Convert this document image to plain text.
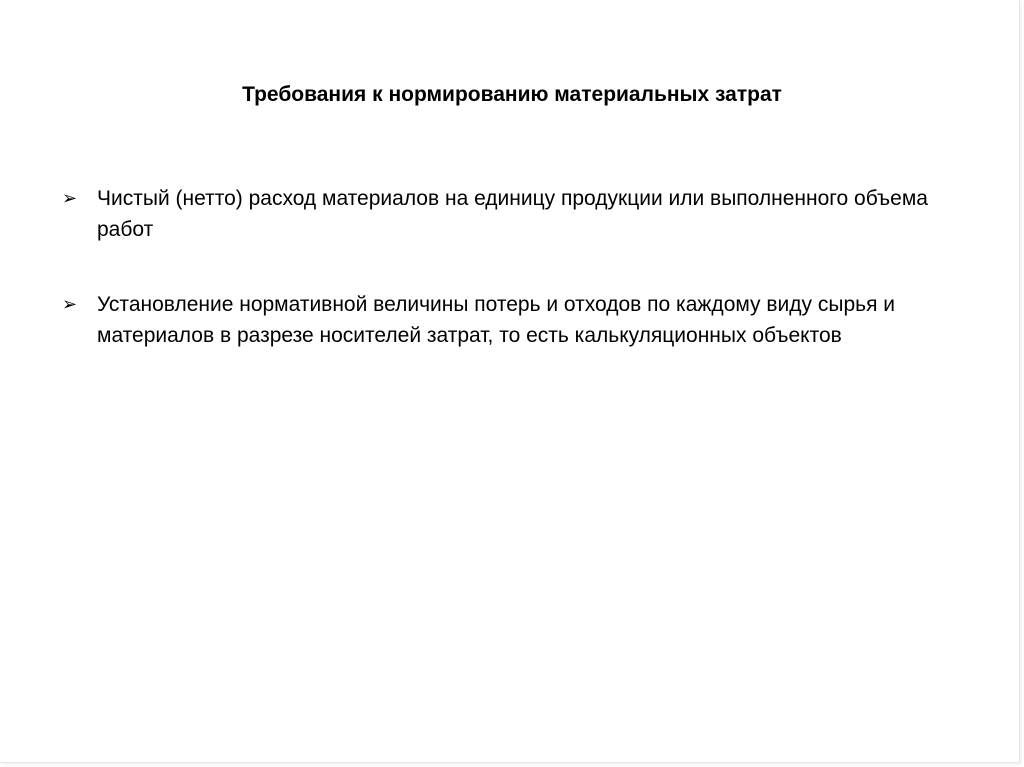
Требования к нормированию материальных затрат
➢ Чистый (нетто) расход материалов на единицу продукции или выполненного объема работ
➢ Установление нормативной величины потерь и отходов по каждому виду сырья и материалов в разрезе носителей затрат, то есть калькуляционных объектов
